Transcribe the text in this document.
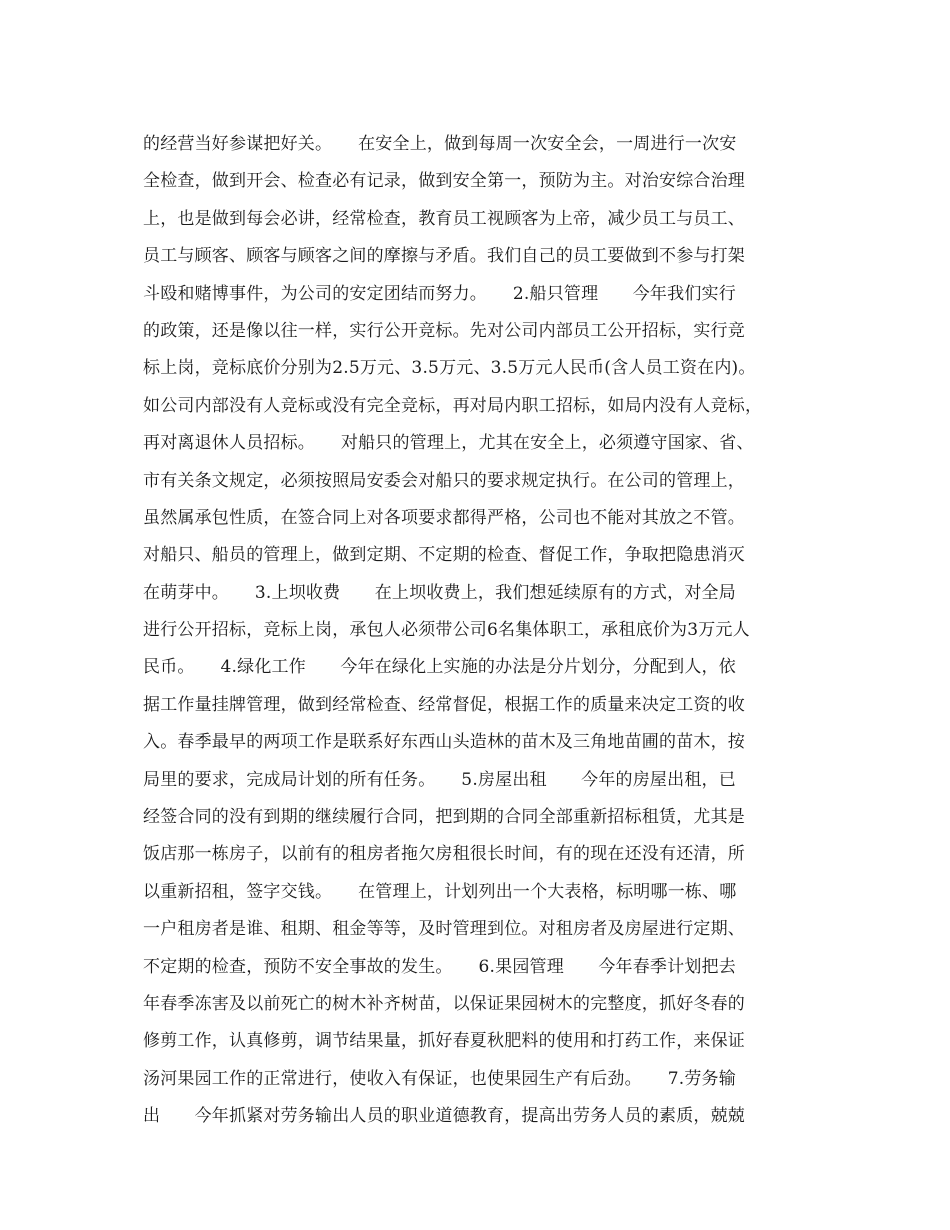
的经营当好参谋把好关。　　在安全上，做到每周一次安全会，一周进行一次安
全检查，做到开会、检查必有记录，做到安全第一，预防为主。对治安综合治理
上，也是做到每会必讲，经常检查，教育员工视顾客为上帝，减少员工与员工、
员工与顾客、顾客与顾客之间的摩擦与矛盾。我们自己的员工要做到不参与打架
斗殴和赌博事件，为公司的安定团结而努力。　　2.船只管理　　今年我们实行
的政策，还是像以往一样，实行公开竞标。先对公司内部员工公开招标，实行竞
标上岗，竞标底价分别为2.5万元、3.5万元、3.5万元人民币(含人员工资在内)。
如公司内部没有人竞标或没有完全竞标，再对局内职工招标，如局内没有人竞标，
再对离退休人员招标。　　对船只的管理上，尤其在安全上，必须遵守国家、省、
市有关条文规定，必须按照局安委会对船只的要求规定执行。在公司的管理上，
虽然属承包性质，在签合同上对各项要求都得严格，公司也不能对其放之不管。
对船只、船员的管理上，做到定期、不定期的检查、督促工作，争取把隐患消灭
在萌芽中。　　3.上坝收费　　在上坝收费上，我们想延续原有的方式，对全局
进行公开招标，竞标上岗，承包人必须带公司6名集体职工，承租底价为3万元人
民币。　　4.绿化工作　　今年在绿化上实施的办法是分片划分，分配到人，依
据工作量挂牌管理，做到经常检查、经常督促，根据工作的质量来决定工资的收
入。春季最早的两项工作是联系好东西山头造林的苗木及三角地苗圃的苗木，按
局里的要求，完成局计划的所有任务。　　5.房屋出租　　今年的房屋出租，已
经签合同的没有到期的继续履行合同，把到期的合同全部重新招标租赁，尤其是
饭店那一栋房子，以前有的租房者拖欠房租很长时间，有的现在还没有还清，所
以重新招租，签字交钱。　　在管理上，计划列出一个大表格，标明哪一栋、哪
一户租房者是谁、租期、租金等等，及时管理到位。对租房者及房屋进行定期、
不定期的检查，预防不安全事故的发生。　　6.果园管理　　今年春季计划把去
年春季冻害及以前死亡的树木补齐树苗，以保证果园树木的完整度，抓好冬春的
修剪工作，认真修剪，调节结果量，抓好春夏秋肥料的使用和打药工作，来保证
汤河果园工作的正常进行，使收入有保证，也使果园生产有后劲。　　7.劳务输
出　　今年抓紧对劳务输出人员的职业道德教育，提高出劳务人员的素质，兢兢
